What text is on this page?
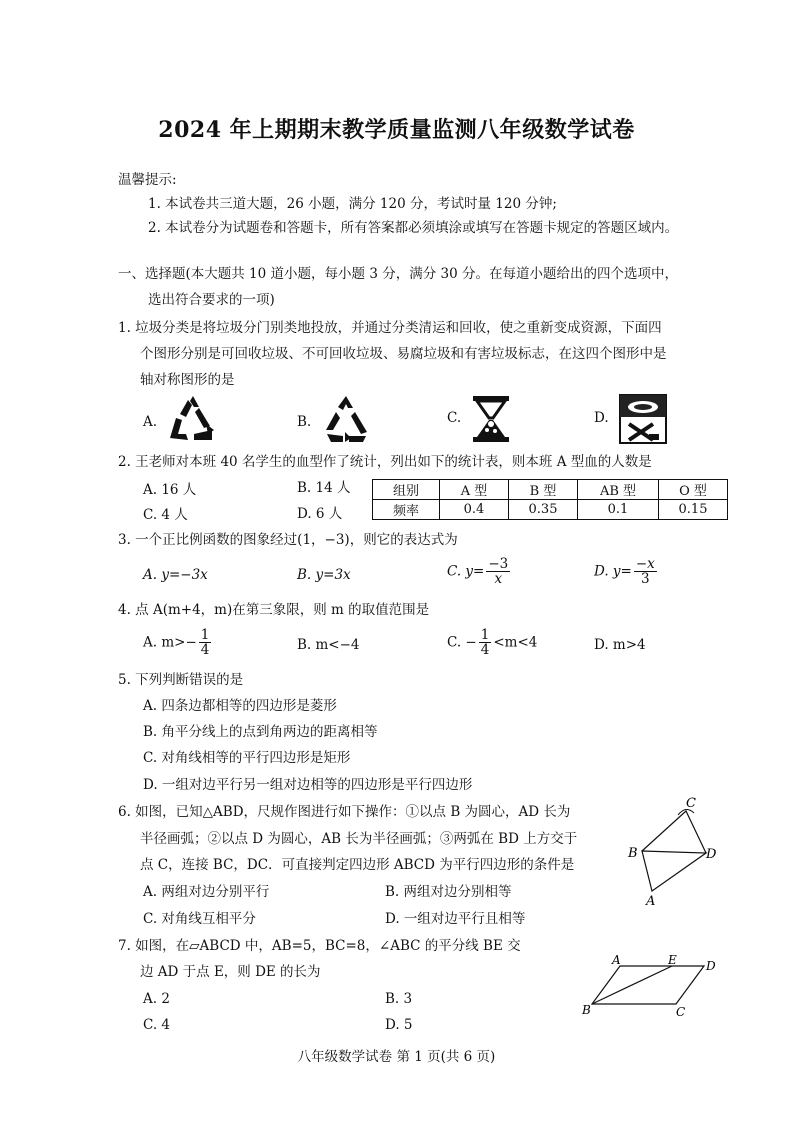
2024 年上期期末教学质量监测八年级数学试卷
温馨提示:
1. 本试卷共三道大题，26 小题，满分 120 分，考试时量 120 分钟;
2. 本试卷分为试题卷和答题卡，所有答案都必须填涂或填写在答题卡规定的答题区域内。
一、选择题(本大题共 10 道小题，每小题 3 分，满分 30 分。在每道小题给出的四个选项中，
选出符合要求的一项)
1. 垃圾分类是将垃圾分门别类地投放，并通过分类清运和回收，使之重新变成资源，下面四
个图形分别是可回收垃圾、不可回收垃圾、易腐垃圾和有害垃圾标志，在这四个图形中是
轴对称图形的是
A.	B.	C.	D.
2. 王老师对本班 40 名学生的血型作了统计，列出如下的统计表，则本班 A 型血的人数是
A. 16 人	B. 14 人
C. 4 人	D. 6 人
组别	A 型	B 型	AB 型	O 型
频率	0.4	0.35	0.1	0.15
3. 一个正比例函数的图象经过(1，−3)，则它的表达式为
A. y=−3x	B. y=3x	C. $y= \frac{-3}{x}$	D. $y= \frac{-x}{3}$
4. 点 A(m+4，m)在第三象限，则 m 的取值范围是
A. $m>- \frac{1}{4}$	B. m<−4	C. − $\frac{1}{4} <m<4$	D. m>4
5. 下列判断错误的是
A. 四条边都相等的四边形是菱形
B. 角平分线上的点到角两边的距离相等
C. 对角线相等的平行四边形是矩形
D. 一组对边平行另一组对边相等的四边形是平行四边形
6. 如图，已知△ABD，尺规作图进行如下操作：①以点 B 为圆心，AD 长为
半径画弧；②以点 D 为圆心，AB 长为半径画弧；③两弧在 BD 上方交于
点 C，连接 BC，DC．可直接判定四边形 ABCD 为平行四边形的条件是
A. 两组对边分别平行	B. 两组对边分别相等
C. 对角线互相平分	D. 一组对边平行且相等
C
B	D
A
7. 如图，在▱ABCD 中，AB=5，BC=8，∠ABC 的平分线 BE 交
边 AD 于点 E，则 DE 的长为
A. 2	B. 3
C. 4	D. 5
A	E D
B	C
八年级数学试卷 第 1 页(共 6 页)
